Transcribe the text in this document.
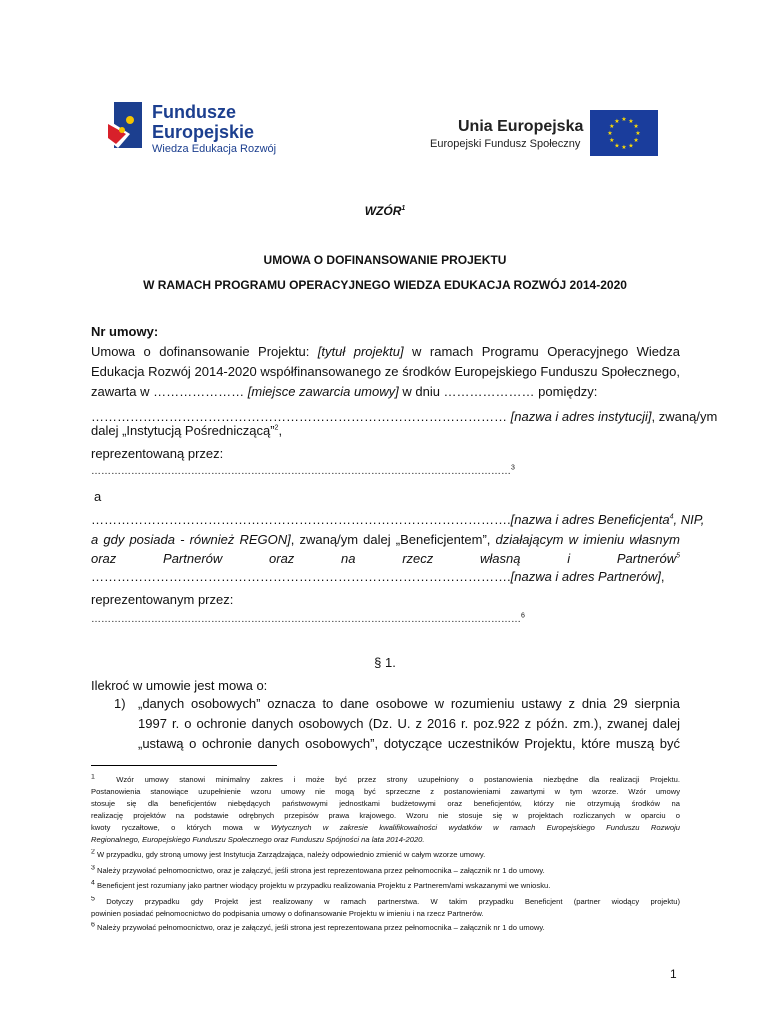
Fundusze
Europejskie
Wiedza Edukacja Rozwój
Unia Europejska
Europejski Fundusz Społeczny
★ ★
★
★
★
★
★
★
★
★
★
★
WZÓR$^1$
UMOWA O DOFINANSOWANIE PROJEKTU
W RAMACH PROGRAMU OPERACYJNEGO WIEDZA EDUKACJA ROZWÓJ 2014-2020
Nr umowy:
Umowa o dofinansowanie Projektu: [tytuł projektu] w ramach Programu Operacyjnego Wiedza
Edukacja Rozwój 2014-2020 współfinansowanego ze środków Europejskiego Funduszu Społecznego,
zawarta w ………………… [miejsce zawarcia umowy] w dniu ………………… pomiędzy:
…………………………………………………………………………………… [nazwa i adres instytucji], zwaną/ym
dalej „Instytucją Pośredniczącą”$^2$,
reprezentowaną przez:
………………………………………………………………………………………………………………$^3$
a
…………………………………………………………………………………….[nazwa i adres Beneficjenta$^4$, NIP,
a gdy posiada - również REGON], zwaną/ym dalej „Beneficjentem”, działającym w imieniu własnym
oraz Partnerów oraz na rzecz własną i Partnerów$^5$
…………………………………………………………………………………….[nazwa i adres Partnerów],
reprezentowanym przez:
…………………………………………………………………………………………………………………$^6$
§ 1.
Ilekroć w umowie jest mowa o:
1) „danych osobowych” oznacza to dane osobowe w rozumieniu ustawy z dnia 29 sierpnia
1997 r. o ochronie danych osobowych (Dz. U. z 2016 r. poz.922 z późn. zm.), zwanej dalej
„ustawą o ochronie danych osobowych”, dotyczące uczestników Projektu, które muszą być
$^1$	Wzór umowy stanowi minimalny zakres i może być przez strony uzupełniony o postanowienia niezbędne dla realizacji Projektu.
Postanowienia stanowiące uzupełnienie wzoru umowy nie mogą być sprzeczne z postanowieniami zawartymi w tym wzorze. Wzór umowy
stosuje się dla beneficjentów niebędących państwowymi jednostkami budżetowymi oraz beneficjentów, którzy nie otrzymują środków na
realizację projektów na podstawie odrębnych przepisów prawa krajowego. Wzoru nie stosuje się w projektach rozliczanych w oparciu o
kwoty ryczałtowe, o których mowa w Wytycznych w zakresie kwalifikowalności wydatków w ramach Europejskiego Funduszu Rozwoju
Regionalnego, Europejskiego Funduszu Społecznego oraz Funduszu Spójności na lata 2014-2020.
$^2$ W przypadku, gdy stroną umowy jest Instytucja Zarządzająca, należy odpowiednio zmienić w całym wzorze umowy.
$^3$ Należy przywołać pełnomocnictwo, oraz je załączyć, jeśli strona jest reprezentowana przez pełnomocnika – załącznik nr 1 do umowy.
$^4$ Beneficjent jest rozumiany jako partner wiodący projektu w przypadku realizowania Projektu z Partnerem/ami wskazanymi we wniosku.
$^5$ Dotyczy przypadku gdy Projekt jest realizowany w ramach partnerstwa. W takim przypadku Beneficjent (partner wiodący projektu)
powinien posiadać pełnomocnictwo do podpisania umowy o dofinansowanie Projektu w imieniu i na rzecz Partnerów.
$^6$ Należy przywołać pełnomocnictwo, oraz je załączyć, jeśli strona jest reprezentowana przez pełnomocnika – załącznik nr 1 do umowy.
1
